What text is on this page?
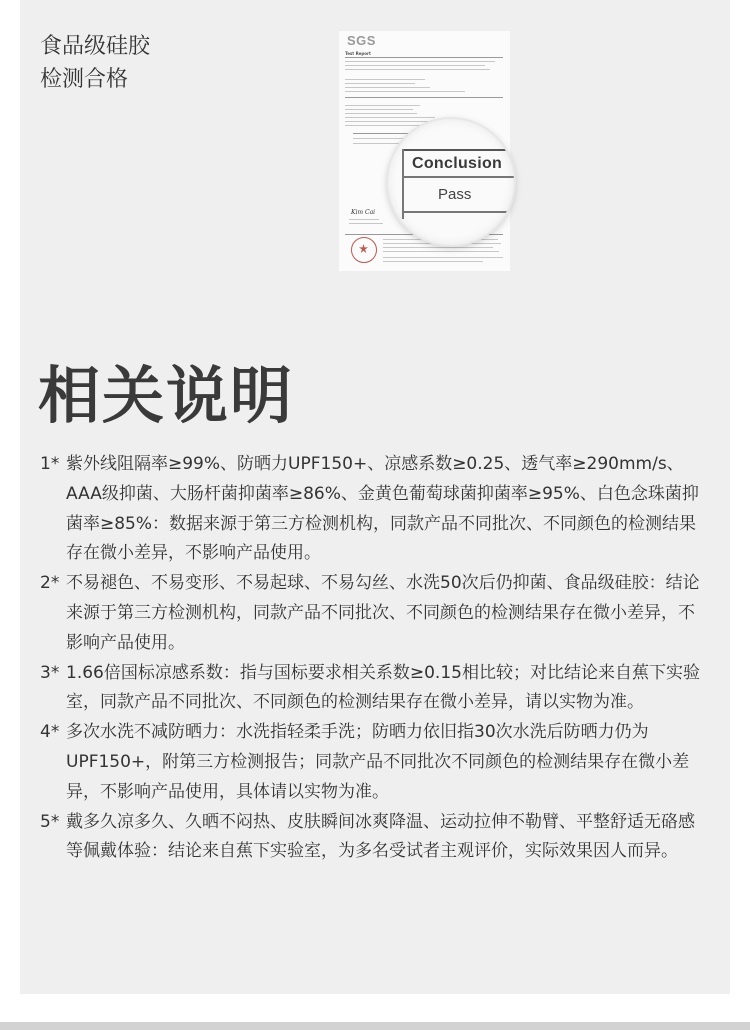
食品级硅胶
检测合格
SGS
Test Report
Kim Cai
Conclusion
Pass
相关说明
1* 紫外线阻隔率≥99%、防晒力UPF150+、凉感系数≥0.25、透气率≥290mm/s、AAA级抑菌、大肠杆菌抑菌率≥86%、金黄色葡萄球菌抑菌率≥95%、白色念珠菌抑菌率≥85%：数据来源于第三方检测机构，同款产品不同批次、不同颜色的检测结果存在微小差异，不影响产品使用。
2* 不易褪色、不易变形、不易起球、不易勾丝、水洗50次后仍抑菌、食品级硅胶：结论来源于第三方检测机构，同款产品不同批次、不同颜色的检测结果存在微小差异，不影响产品使用。
3* 1.66倍国标凉感系数：指与国标要求相关系数≥0.15相比较；对比结论来自蕉下实验室，同款产品不同批次、不同颜色的检测结果存在微小差异，请以实物为准。
4* 多次水洗不减防晒力：水洗指轻柔手洗；防晒力依旧指30次水洗后防晒力仍为UPF150+，附第三方检测报告；同款产品不同批次不同颜色的检测结果存在微小差异，不影响产品使用，具体请以实物为准。
5* 戴多久凉多久、久晒不闷热、皮肤瞬间冰爽降温、运动拉伸不勒臂、平整舒适无硌感等佩戴体验：结论来自蕉下实验室，为多名受试者主观评价，实际效果因人而异。
